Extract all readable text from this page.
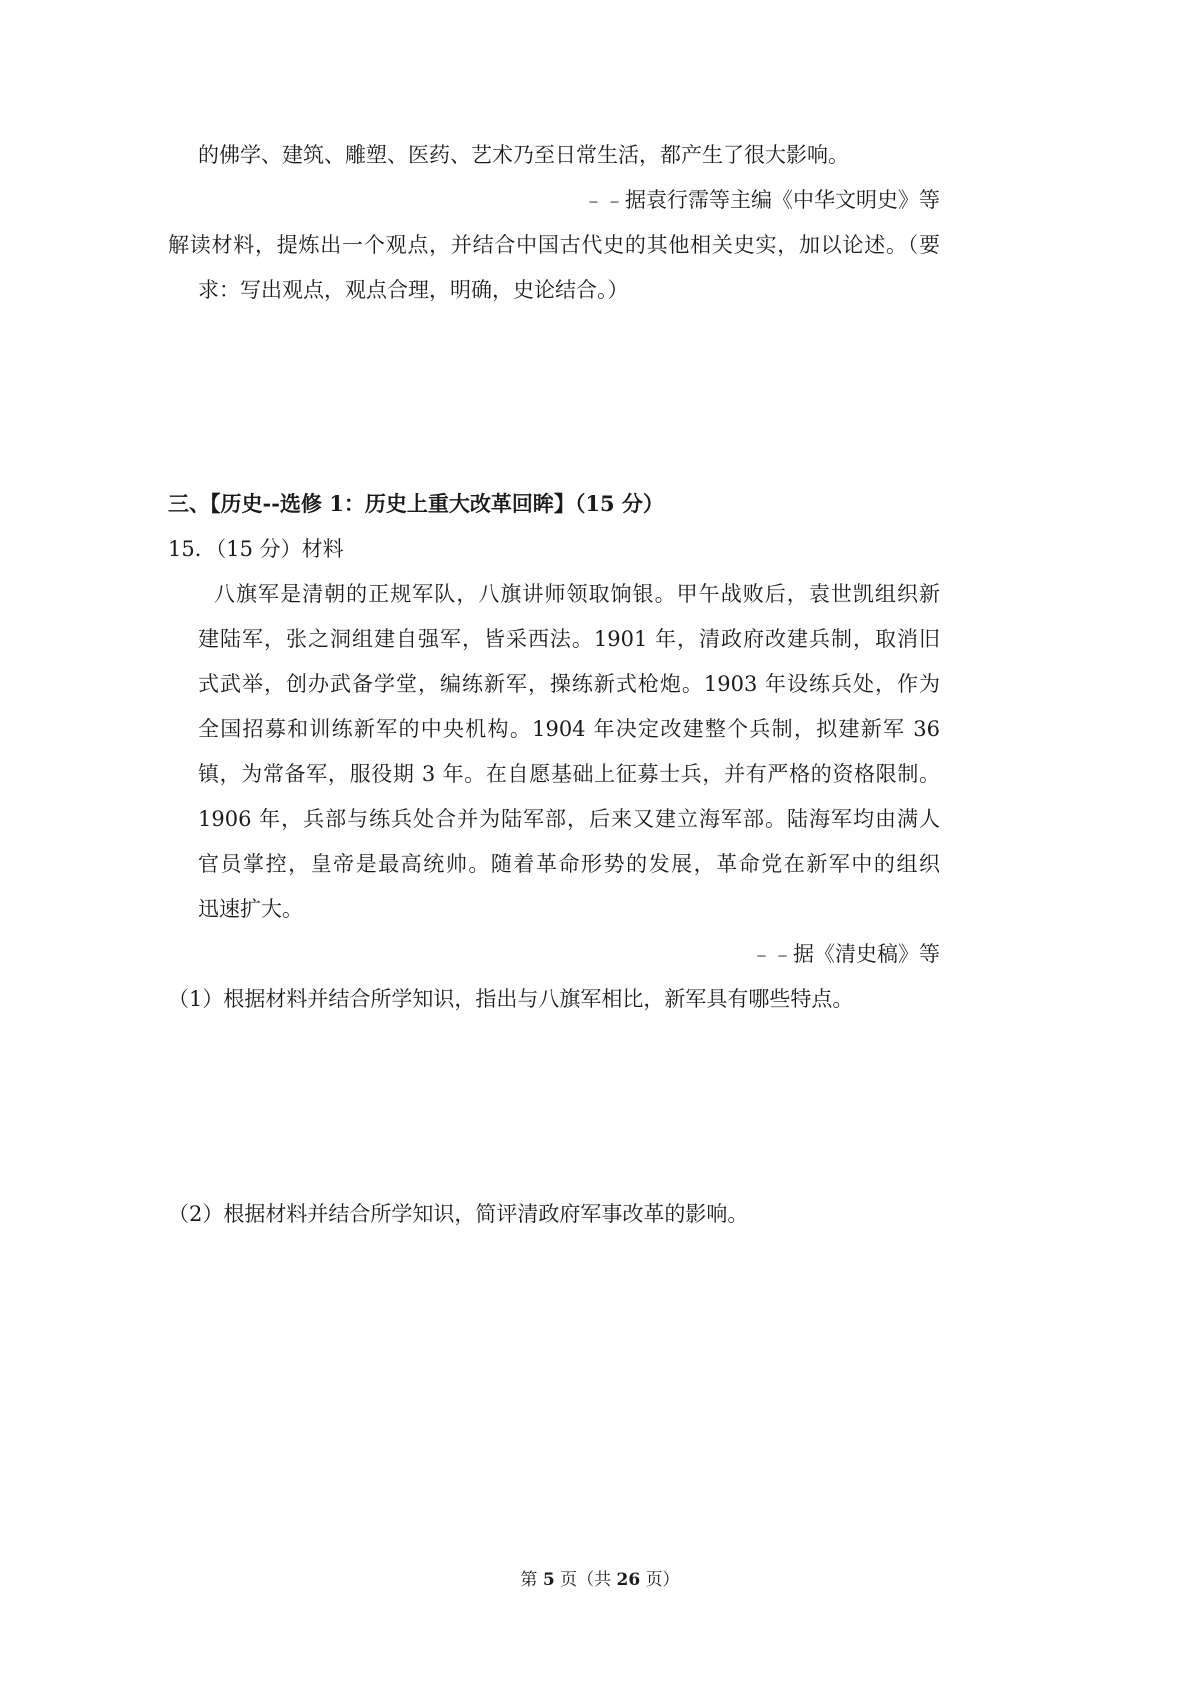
的佛学、建筑、雕塑、医药、艺术乃至日常生活，都产生了很大影响。
﹣﹣据袁行霈等主编《中华文明史》等
解读材料，提炼出一个观点，并结合中国古代史的其他相关史实，加以论述。（要
求：写出观点，观点合理，明确，史论结合。）
三、【历史--选修 1：历史上重大改革回眸】（15 分）
15．（15 分）材料
八旗军是清朝的正规军队，八旗讲师领取饷银。甲午战败后，袁世凯组织新
建陆军，张之洞组建自强军，皆采西法。1901 年，清政府改建兵制，取消旧
式武举，创办武备学堂，编练新军，操练新式枪炮。1903 年设练兵处，作为
全国招募和训练新军的中央机构。1904 年决定改建整个兵制，拟建新军 36
镇，为常备军，服役期 3 年。在自愿基础上征募士兵，并有严格的资格限制。
1906 年，兵部与练兵处合并为陆军部，后来又建立海军部。陆海军均由满人
官员掌控，皇帝是最高统帅。随着革命形势的发展，革命党在新军中的组织
迅速扩大。
﹣﹣据《清史稿》等
（1）根据材料并结合所学知识，指出与八旗军相比，新军具有哪些特点。
（2）根据材料并结合所学知识，简评清政府军事改革的影响。
第 5 页（共 26 页）
